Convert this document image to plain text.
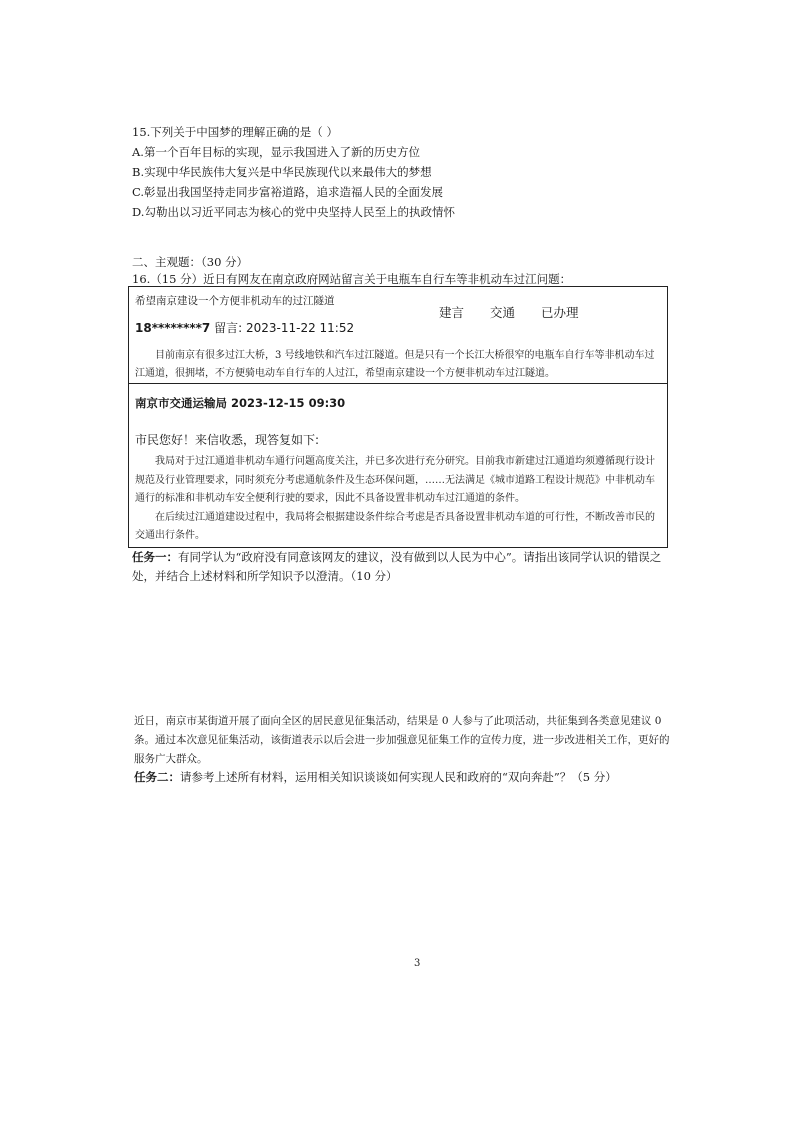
15.下列关于中国梦的理解正确的是（ ）
A.第一个百年目标的实现，显示我国进入了新的历史方位
B.实现中华民族伟大复兴是中华民族现代以来最伟大的梦想
C.彰显出我国坚持走同步富裕道路，追求造福人民的全面发展
D.勾勒出以习近平同志为核心的党中央坚持人民至上的执政情怀
二、主观题：（30 分）
16.（15 分）近日有网友在南京政府网站留言关于电瓶车自行车等非机动车过江问题：
希望南京建设一个方便非机动车的过江隧道
18********7 留言: 2023-11-22 11:52
建言 交通 已办理
目前南京有很多过江大桥，3 号线地铁和汽车过江隧道。但是只有一个长江大桥很窄的电瓶车自行车等非机动车过江通道，很拥堵，不方便骑电动车自行车的人过江，希望南京建设一个方便非机动车过江隧道。
南京市交通运输局 2023-12-15 09:30
市民您好！来信收悉，现答复如下:

我局对于过江通道非机动车通行问题高度关注，并已多次进行充分研究。目前我市新建过江通道均须遵循现行设计规范及行业管理要求，同时须充分考虑通航条件及生态环保问题，……无法满足《城市道路工程设计规范》中非机动车通行的标准和非机动车安全便利行驶的要求，因此不具备设置非机动车过江通道的条件。

在后续过江通道建设过程中，我局将会根据建设条件综合考虑是否具备设置非机动车道的可行性，不断改善市民的交通出行条件。

任务一：有同学认为“政府没有同意该网友的建议，没有做到以人民为中心”。请指出该同学认识的错误之处，并结合上述材料和所学知识予以澄清。（10 分）
近日，南京市某街道开展了面向全区的居民意见征集活动，结果是 0 人参与了此项活动，共征集到各类意见建议 0 条。通过本次意见征集活动，该街道表示以后会进一步加强意见征集工作的宣传力度，进一步改进相关工作，更好的服务广大群众。
任务二：请参考上述所有材料，运用相关知识谈谈如何实现人民和政府的“双向奔赴”？（5 分）
3
